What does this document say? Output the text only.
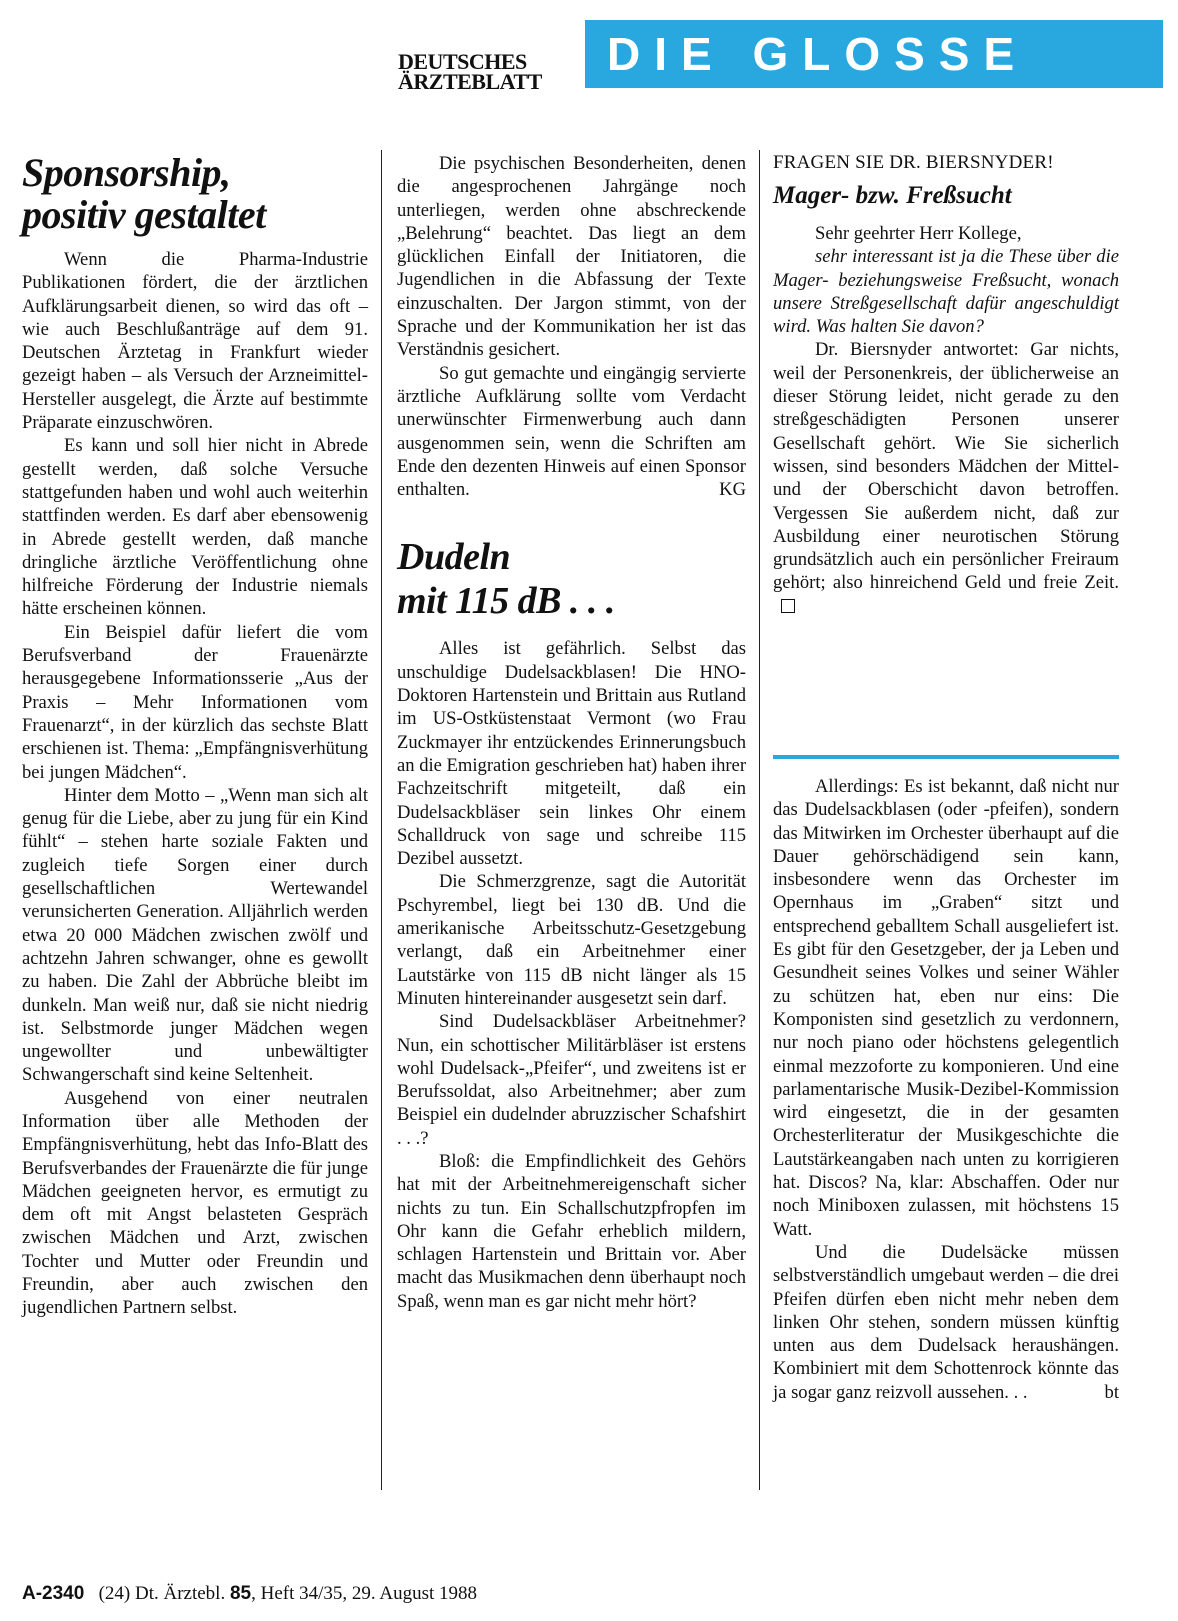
DEUTSCHES
ÄRZTEBLATT
DIE GLOSSE
Sponsorship,
positiv gestaltet

Wenn die Pharma-Industrie Publikationen fördert, die der ärztlichen Aufklärungsarbeit dienen, so wird das oft – wie auch Beschlußanträge auf dem 91. Deutschen Ärztetag in Frankfurt wieder gezeigt haben – als Versuch der Arzneimittel-Hersteller ausgelegt, die Ärzte auf bestimmte Präparate einzuschwören.

Es kann und soll hier nicht in Abrede gestellt werden, daß solche Versuche stattgefunden haben und wohl auch weiterhin stattfinden werden. Es darf aber ebensowenig in Abrede gestellt werden, daß manche dringliche ärztliche Veröffentlichung ohne hilfreiche Förderung der Industrie niemals hätte erscheinen können.

Ein Beispiel dafür liefert die vom Berufsverband der Frauenärzte herausgegebene Informationsserie „Aus der Praxis – Mehr Informationen vom Frauenarzt“, in der kürzlich das sechste Blatt erschienen ist. Thema: „Empfängnisverhütung bei jungen Mädchen“.

Hinter dem Motto – „Wenn man sich alt genug für die Liebe, aber zu jung für ein Kind fühlt“ – stehen harte soziale Fakten und zugleich tiefe Sorgen einer durch gesellschaftlichen Wertewandel verunsicherten Generation. Alljährlich werden etwa 20 000 Mädchen zwischen zwölf und achtzehn Jahren schwanger, ohne es gewollt zu haben. Die Zahl der Abbrüche bleibt im dunkeln. Man weiß nur, daß sie nicht niedrig ist. Selbstmorde junger Mädchen wegen ungewollter und unbewältigter Schwangerschaft sind keine Seltenheit.

Ausgehend von einer neutralen Information über alle Methoden der Empfängnisverhütung, hebt das Info-Blatt des Berufsverbandes der Frauenärzte die für junge Mädchen geeigneten hervor, es ermutigt zu dem oft mit Angst belasteten Gespräch zwischen Mädchen und Arzt, zwischen Tochter und Mutter oder Freundin und Freundin, aber auch zwischen den jugendlichen Partnern selbst.

Die psychischen Besonderheiten, denen die angesprochenen Jahrgänge noch unterliegen, werden ohne abschreckende „Belehrung“ beachtet. Das liegt an dem glücklichen Einfall der Initiatoren, die Jugendlichen in die Abfassung der Texte einzuschalten. Der Jargon stimmt, von der Sprache und der Kommunikation her ist das Verständnis gesichert.

So gut gemachte und eingängig servierte ärztliche Aufklärung sollte vom Verdacht unerwünschter Firmenwerbung auch dann ausgenommen sein, wenn die Schriften am Ende den dezenten Hinweis auf einen Sponsor enthalten.	KG

Dudeln
mit 115 dB . . .

Alles ist gefährlich. Selbst das unschuldige Dudelsackblasen! Die HNO-Doktoren Hartenstein und Brittain aus Rutland im US-Ostküstenstaat Vermont (wo Frau Zuckmayer ihr entzückendes Erinnerungsbuch an die Emigration geschrieben hat) haben ihrer Fachzeitschrift mitgeteilt, daß ein Dudelsackbläser sein linkes Ohr einem Schalldruck von sage und schreibe 115 Dezibel aussetzt.

Die Schmerzgrenze, sagt die Autorität Pschyrembel, liegt bei 130 dB. Und die amerikanische Arbeitsschutz-Gesetzgebung verlangt, daß ein Arbeitnehmer einer Lautstärke von 115 dB nicht länger als 15 Minuten hintereinander ausgesetzt sein darf.

Sind Dudelsackbläser Arbeitnehmer? Nun, ein schottischer Militärbläser ist erstens wohl Dudelsack-„Pfeifer“, und zweitens ist er Berufssoldat, also Arbeitnehmer; aber zum Beispiel ein dudelnder abruzzischer Schafshirt . . .?

Bloß: die Empfindlichkeit des Gehörs hat mit der Arbeitnehmereigenschaft sicher nichts zu tun. Ein Schallschutzpfropfen im Ohr kann die Gefahr erheblich mildern, schlagen Hartenstein und Brittain vor. Aber macht das Musikmachen denn überhaupt noch Spaß, wenn man es gar nicht mehr hört?

FRAGEN SIE DR. BIERSNYDER!
Mager- bzw. Freßsucht

Sehr geehrter Herr Kollege,

sehr interessant ist ja die These über die Mager- beziehungsweise Freßsucht, wonach unsere Streßgesellschaft dafür angeschuldigt wird. Was halten Sie davon?

Dr. Biersnyder antwortet: Gar nichts, weil der Personenkreis, der üblicherweise an dieser Störung leidet, nicht gerade zu den streßgeschädigten Personen unserer Gesellschaft gehört. Wie Sie sicherlich wissen, sind besonders Mädchen der Mittel- und der Oberschicht davon betroffen. Vergessen Sie außerdem nicht, daß zur Ausbildung einer neurotischen Störung grundsätzlich auch ein persönlicher Freiraum gehört; also hinreichend Geld und freie Zeit.

Allerdings: Es ist bekannt, daß nicht nur das Dudelsackblasen (oder -pfeifen), sondern das Mitwirken im Orchester überhaupt auf die Dauer gehörschädigend sein kann, insbesondere wenn das Orchester im Opernhaus im „Graben“ sitzt und entsprechend geballtem Schall ausgeliefert ist. Es gibt für den Gesetzgeber, der ja Leben und Gesundheit seines Volkes und seiner Wähler zu schützen hat, eben nur eins: Die Komponisten sind gesetzlich zu verdonnern, nur noch piano oder höchstens gelegentlich einmal mezzoforte zu komponieren. Und eine parlamentarische Musik-Dezibel-Kommission wird eingesetzt, die in der gesamten Orchesterliteratur der Musikgeschichte die Lautstärkeangaben nach unten zu korrigieren hat. Discos? Na, klar: Abschaffen. Oder nur noch Miniboxen zulassen, mit höchstens 15 Watt.

Und die Dudelsäcke müssen selbstverständlich umgebaut werden – die drei Pfeifen dürfen eben nicht mehr neben dem linken Ohr stehen, sondern müssen künftig unten aus dem Dudelsack heraushängen. Kombiniert mit dem Schottenrock könnte das ja sogar ganz reizvoll aussehen. . .	bt

A-2340 (24) Dt. Ärztebl. 85, Heft 34/35, 29. August 1988
